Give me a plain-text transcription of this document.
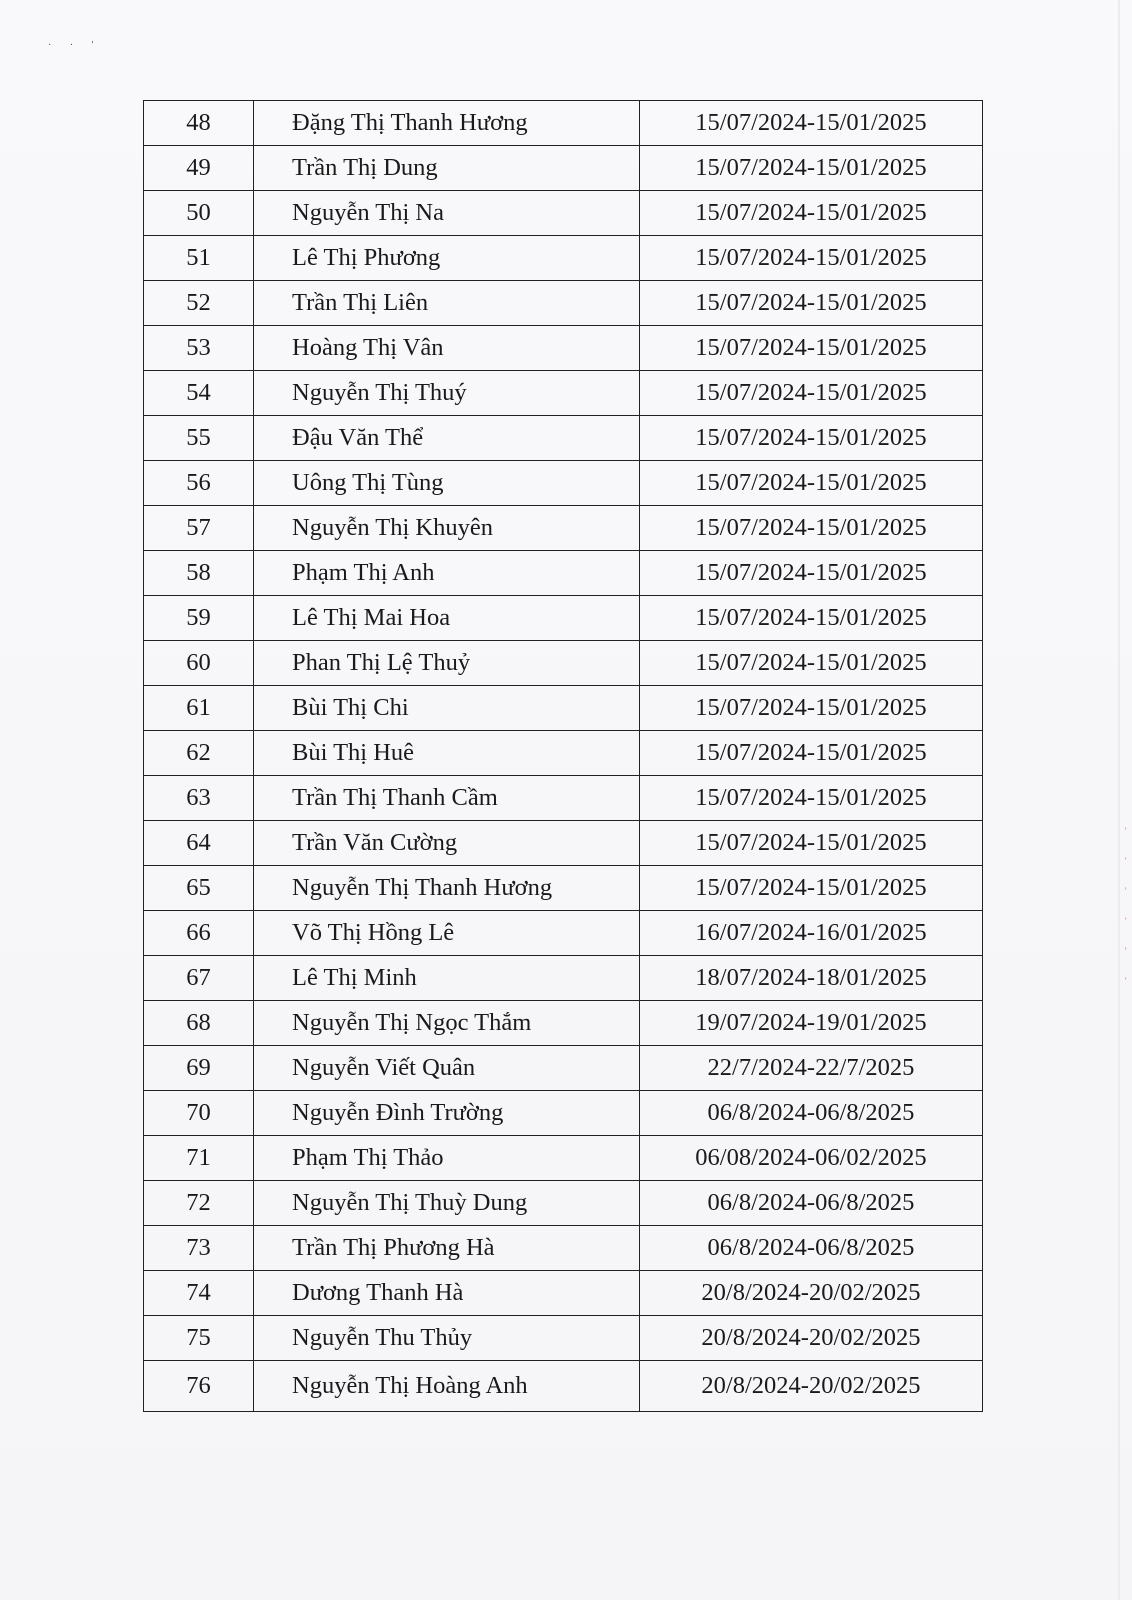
· · '
ʾ
ʿ
ʾ
ʿ
ʾ
ʿ
48	Đặng Thị Thanh Hương	15/07/2024-15/01/2025
49	Trần Thị Dung	15/07/2024-15/01/2025
50	Nguyễn Thị Na	15/07/2024-15/01/2025
51	Lê Thị Phương	15/07/2024-15/01/2025
52	Trần Thị Liên	15/07/2024-15/01/2025
53	Hoàng Thị Vân	15/07/2024-15/01/2025
54	Nguyễn Thị Thuý	15/07/2024-15/01/2025
55	Đậu Văn Thể	15/07/2024-15/01/2025
56	Uông Thị Tùng	15/07/2024-15/01/2025
57	Nguyễn Thị Khuyên	15/07/2024-15/01/2025
58	Phạm Thị Anh	15/07/2024-15/01/2025
59	Lê Thị Mai Hoa	15/07/2024-15/01/2025
60	Phan Thị Lệ Thuỷ	15/07/2024-15/01/2025
61	Bùi Thị Chi	15/07/2024-15/01/2025
62	Bùi Thị Huê	15/07/2024-15/01/2025
63	Trần Thị Thanh Cầm	15/07/2024-15/01/2025
64	Trần Văn Cường	15/07/2024-15/01/2025
65	Nguyễn Thị Thanh Hương	15/07/2024-15/01/2025
66	Võ Thị Hồng Lê	16/07/2024-16/01/2025
67	Lê Thị Minh	18/07/2024-18/01/2025
68	Nguyễn Thị Ngọc Thắm	19/07/2024-19/01/2025
69	Nguyễn Viết Quân	22/7/2024-22/7/2025
70	Nguyễn Đình Trường	06/8/2024-06/8/2025
71	Phạm Thị Thảo	06/08/2024-06/02/2025
72	Nguyễn Thị Thuỳ Dung	06/8/2024-06/8/2025
73	Trần Thị Phương Hà	06/8/2024-06/8/2025
74	Dương Thanh Hà	20/8/2024-20/02/2025
75	Nguyễn Thu Thủy	20/8/2024-20/02/2025
76	Nguyễn Thị Hoàng Anh	20/8/2024-20/02/2025
